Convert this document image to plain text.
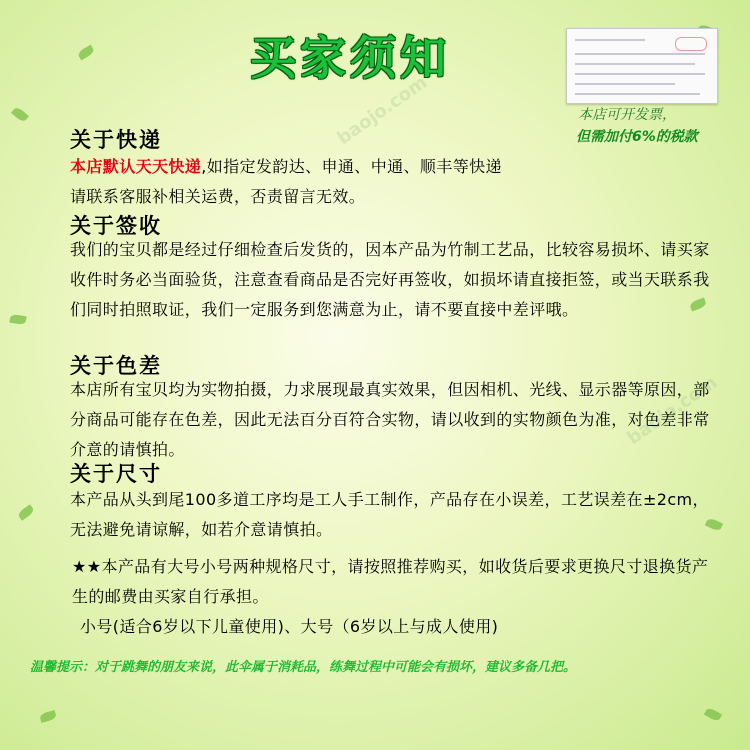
baojo.com
baojo.com
买家须知
本店可开发票，
但需加付6%的税款
关于快递
本店默认天天快递,如指定发韵达、申通、中通、顺丰等快递
请联系客服补相关运费，否责留言无效。
关于签收
我们的宝贝都是经过仔细检查后发货的，因本产品为竹制工艺品，比较容易损坏、请买家收件时务必当面验货，注意查看商品是否完好再签收，如损坏请直接拒签，或当天联系我们同时拍照取证，我们一定服务到您满意为止，请不要直接中差评哦。
关于色差
本店所有宝贝均为实物拍摄，力求展现最真实效果，但因相机、光线、显示器等原因，部分商品可能存在色差，因此无法百分百符合实物，请以收到的实物颜色为准，对色差非常介意的请慎拍。
关于尺寸
本产品从头到尾100多道工序均是工人手工制作，产品存在小误差，工艺误差在±2cm，无法避免请谅解，如若介意请慎拍。
★★本产品有大号小号两种规格尺寸，请按照推荐购买，如收货后要求更换尺寸退换货产生的邮费由买家自行承担。
小号(适合6岁以下儿童使用)、大号（6岁以上与成人使用)
温馨提示：对于跳舞的朋友来说，此伞属于消耗品，练舞过程中可能会有损坏，建议多备几把。
